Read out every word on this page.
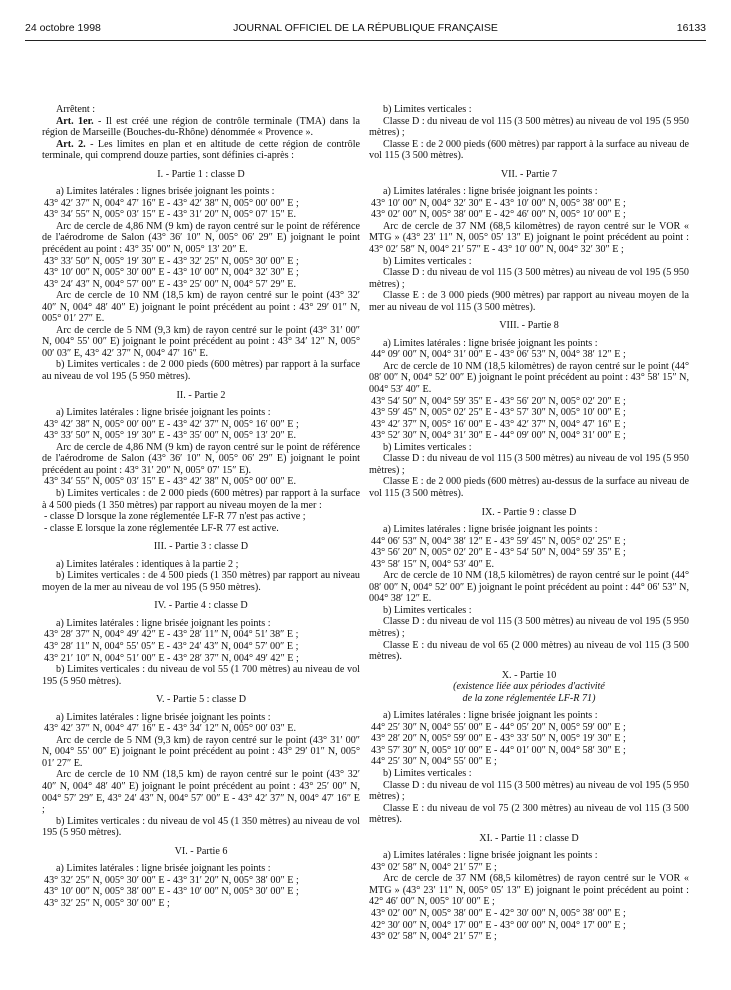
24 octobre 1998	JOURNAL OFFICIEL DE LA RÉPUBLIQUE FRANÇAISE	16133

Arrêtent :

Art. 1er. - Il est créé une région de contrôle terminale (TMA) dans la région de Marseille (Bouches-du-Rhône) dénommée « Provence ».

Art. 2. - Les limites en plan et en altitude de cette région de contrôle terminale, qui comprend douze parties, sont définies ci-après :

I. - Partie 1 : classe D

a) Limites latérales : lignes brisée joignant les points :

43° 42′ 37″ N, 004° 47′ 16″ E - 43° 42′ 38″ N, 005° 00′ 00″ E ;

43° 34′ 55″ N, 005° 03′ 15″ E - 43° 31′ 20″ N, 005° 07′ 15″ E.

Arc de cercle de 4,86 NM (9 km) de rayon centré sur le point de référence de l'aérodrome de Salon (43° 36′ 10″ N, 005° 06′ 29″ E) joignant le point précédent au point : 43° 35′ 00″ N, 005° 13′ 20″ E.

43° 33′ 50″ N, 005° 19′ 30″ E - 43° 32′ 25″ N, 005° 30′ 00″ E ;

43° 10′ 00″ N, 005° 30′ 00″ E - 43° 10′ 00″ N, 004° 32′ 30″ E ;

43° 24′ 43″ N, 004° 57′ 00″ E - 43° 25′ 00″ N, 004° 57′ 29″ E.

Arc de cercle de 10 NM (18,5 km) de rayon centré sur le point (43° 32′ 40″ N, 004° 48′ 40″ E) joignant le point précédent au point : 43° 29′ 01″ N, 005° 01′ 27″ E.

Arc de cercle de 5 NM (9,3 km) de rayon centré sur le point (43° 31′ 00″ N, 004° 55′ 00″ E) joignant le point précédent au point : 43° 34′ 12″ N, 005° 00′ 03″ E, 43° 42′ 37″ N, 004° 47′ 16″ E.

b) Limites verticales : de 2 000 pieds (600 mètres) par rapport à la surface au niveau de vol 195 (5 950 mètres).

II. - Partie 2

a) Limites latérales : ligne brisée joignant les points :

43° 42′ 38″ N, 005° 00′ 00″ E - 43° 42′ 37″ N, 005° 16′ 00″ E ;

43° 33′ 50″ N, 005° 19′ 30″ E - 43° 35′ 00″ N, 005° 13′ 20″ E.

Arc de cercle de 4,86 NM (9 km) de rayon centré sur le point de référence de l'aérodrome de Salon (43° 36′ 10″ N, 005° 06′ 29″ E) joignant le point précédent au point : 43° 31′ 20″ N, 005° 07′ 15″ E).

43° 34′ 55″ N, 005° 03′ 15″ E - 43° 42′ 38″ N, 005° 00′ 00″ E.

b) Limites verticales : de 2 000 pieds (600 mètres) par rapport à la surface à 4 500 pieds (1 350 mètres) par rapport au niveau moyen de la mer :

- classe D lorsque la zone réglementée LF-R 77 n'est pas active ;

- classe E lorsque la zone réglementée LF-R 77 est active.

III. - Partie 3 : classe D

a) Limites latérales : identiques à la partie 2 ;

b) Limites verticales : de 4 500 pieds (1 350 mètres) par rapport au niveau moyen de la mer au niveau de vol 195 (5 950 mètres).

IV. - Partie 4 : classe D

a) Limites latérales : ligne brisée joignant les points :

43° 28′ 37″ N, 004° 49′ 42″ E - 43° 28′ 11″ N, 004° 51′ 38″ E ;

43° 28′ 11″ N, 004° 55′ 05″ E - 43° 24′ 43″ N, 004° 57′ 00″ E ;

43° 21′ 10″ N, 004° 51′ 00″ E - 43° 28′ 37″ N, 004° 49′ 42″ E ;

b) Limites verticales : du niveau de vol 55 (1 700 mètres) au niveau de vol 195 (5 950 mètres).

V. - Partie 5 : classe D

a) Limites latérales : ligne brisée joignant les points :

43° 42′ 37″ N, 004° 47′ 16″ E - 43° 34′ 12″ N, 005° 00′ 03″ E.

Arc de cercle de 5 NM (9,3 km) de rayon centré sur le point (43° 31′ 00″ N, 004° 55′ 00″ E) joignant le point précédent au point : 43° 29′ 01″ N, 005° 01′ 27″ E.

Arc de cercle de 10 NM (18,5 km) de rayon centré sur le point (43° 32′ 40″ N, 004° 48′ 40″ E) joignant le point précédent au point : 43° 25′ 00″ N, 004° 57′ 29″ E, 43° 24′ 43″ N, 004° 57′ 00″ E - 43° 42′ 37″ N, 004° 47′ 16″ E ;

b) Limites verticales : du niveau de vol 45 (1 350 mètres) au niveau de vol 195 (5 950 mètres).

VI. - Partie 6

a) Limites latérales : ligne brisée joignant les points :

43° 32′ 25″ N, 005° 30′ 00″ E - 43° 31′ 20″ N, 005° 38′ 00″ E ;

43° 10′ 00″ N, 005° 38′ 00″ E - 43° 10′ 00″ N, 005° 30′ 00″ E ;

43° 32′ 25″ N, 005° 30′ 00″ E ;

b) Limites verticales :

Classe D : du niveau de vol 115 (3 500 mètres) au niveau de vol 195 (5 950 mètres) ;

Classe E : de 2 000 pieds (600 mètres) par rapport à la surface au niveau de vol 115 (3 500 mètres).

VII. - Partie 7

a) Limites latérales : ligne brisée joignant les points :

43° 10′ 00″ N, 004° 32′ 30″ E - 43° 10′ 00″ N, 005° 38′ 00″ E ;

43° 02′ 00″ N, 005° 38′ 00″ E - 42° 46′ 00″ N, 005° 10′ 00″ E ;

Arc de cercle de 37 NM (68,5 kilomètres) de rayon centré sur le VOR « MTG » (43° 23′ 11″ N, 005° 05′ 13″ E) joignant le point précédent au point : 43° 02′ 58″ N, 004° 21′ 57″ E - 43° 10′ 00″ N, 004° 32′ 30″ E ;

b) Limites verticales :

Classe D : du niveau de vol 115 (3 500 mètres) au niveau de vol 195 (5 950 mètres) ;

Classe E : de 3 000 pieds (900 mètres) par rapport au niveau moyen de la mer au niveau de vol 115 (3 500 mètres).

VIII. - Partie 8

a) Limites latérales : ligne brisée joignant les points :

44° 09′ 00″ N, 004° 31′ 00″ E - 43° 06′ 53″ N, 004° 38′ 12″ E ;

Arc de cercle de 10 NM (18,5 kilomètres) de rayon centré sur le point (44° 08′ 00″ N, 004° 52′ 00″ E) joignant le point précédent au point : 43° 58′ 15″ N, 004° 53′ 40″ E.

43° 54′ 50″ N, 004° 59′ 35″ E - 43° 56′ 20″ N, 005° 02′ 20″ E ;

43° 59′ 45″ N, 005° 02′ 25″ E - 43° 57′ 30″ N, 005° 10′ 00″ E ;

43° 42′ 37″ N, 005° 16′ 00″ E - 43° 42′ 37″ N, 004° 47′ 16″ E ;

43° 52′ 30″ N, 004° 31′ 30″ E - 44° 09′ 00″ N, 004° 31′ 00″ E ;

b) Limites verticales :

Classe D : du niveau de vol 115 (3 500 mètres) au niveau de vol 195 (5 950 mètres) ;

Classe E : de 2 000 pieds (600 mètres) au-dessus de la surface au niveau de vol 115 (3 500 mètres).

IX. - Partie 9 : classe D

a) Limites latérales : ligne brisée joignant les points :

44° 06′ 53″ N, 004° 38′ 12″ E - 43° 59′ 45″ N, 005° 02′ 25″ E ;

43° 56′ 20″ N, 005° 02′ 20″ E - 43° 54′ 50″ N, 004° 59′ 35″ E ;

43° 58′ 15″ N, 004° 53′ 40″ E.

Arc de cercle de 10 NM (18,5 kilomètres) de rayon centré sur le point (44° 08′ 00″ N, 004° 52′ 00″ E) joignant le point précédent au point : 44° 06′ 53″ N, 004° 38′ 12″ E.

b) Limites verticales :

Classe D : du niveau de vol 115 (3 500 mètres) au niveau de vol 195 (5 950 mètres) ;

Classe E : du niveau de vol 65 (2 000 mètres) au niveau de vol 115 (3 500 mètres).

X. - Partie 10

(existence liée aux périodes d'activité

de la zone réglementée LF-R 71)

a) Limites latérales : ligne brisée joignant les points :

44° 25′ 30″ N, 004° 55′ 00″ E - 44° 05′ 20″ N, 005° 59′ 00″ E ;

43° 28′ 20″ N, 005° 59′ 00″ E - 43° 33′ 50″ N, 005° 19′ 30″ E ;

43° 57′ 30″ N, 005° 10′ 00″ E - 44° 01′ 00″ N, 004° 58′ 30″ E ;

44° 25′ 30″ N, 004° 55′ 00″ E ;

b) Limites verticales :

Classe D : du niveau de vol 115 (3 500 mètres) au niveau de vol 195 (5 950 mètres) ;

Classe E : du niveau de vol 75 (2 300 mètres) au niveau de vol 115 (3 500 mètres).

XI. - Partie 11 : classe D

a) Limites latérales : ligne brisée joignant les points :

43° 02′ 58″ N, 004° 21′ 57″ E ;

Arc de cercle de 37 NM (68,5 kilomètres) de rayon centré sur le VOR « MTG » (43° 23′ 11″ N, 005° 05′ 13″ E) joignant le point précédent au point : 42° 46′ 00″ N, 005° 10′ 00″ E ;

43° 02′ 00″ N, 005° 38′ 00″ E - 42° 30′ 00″ N, 005° 38′ 00″ E ;

42° 30′ 00″ N, 004° 17′ 00″ E - 43° 00′ 00″ N, 004° 17′ 00″ E ;

43° 02′ 58″ N, 004° 21′ 57″ E ;
